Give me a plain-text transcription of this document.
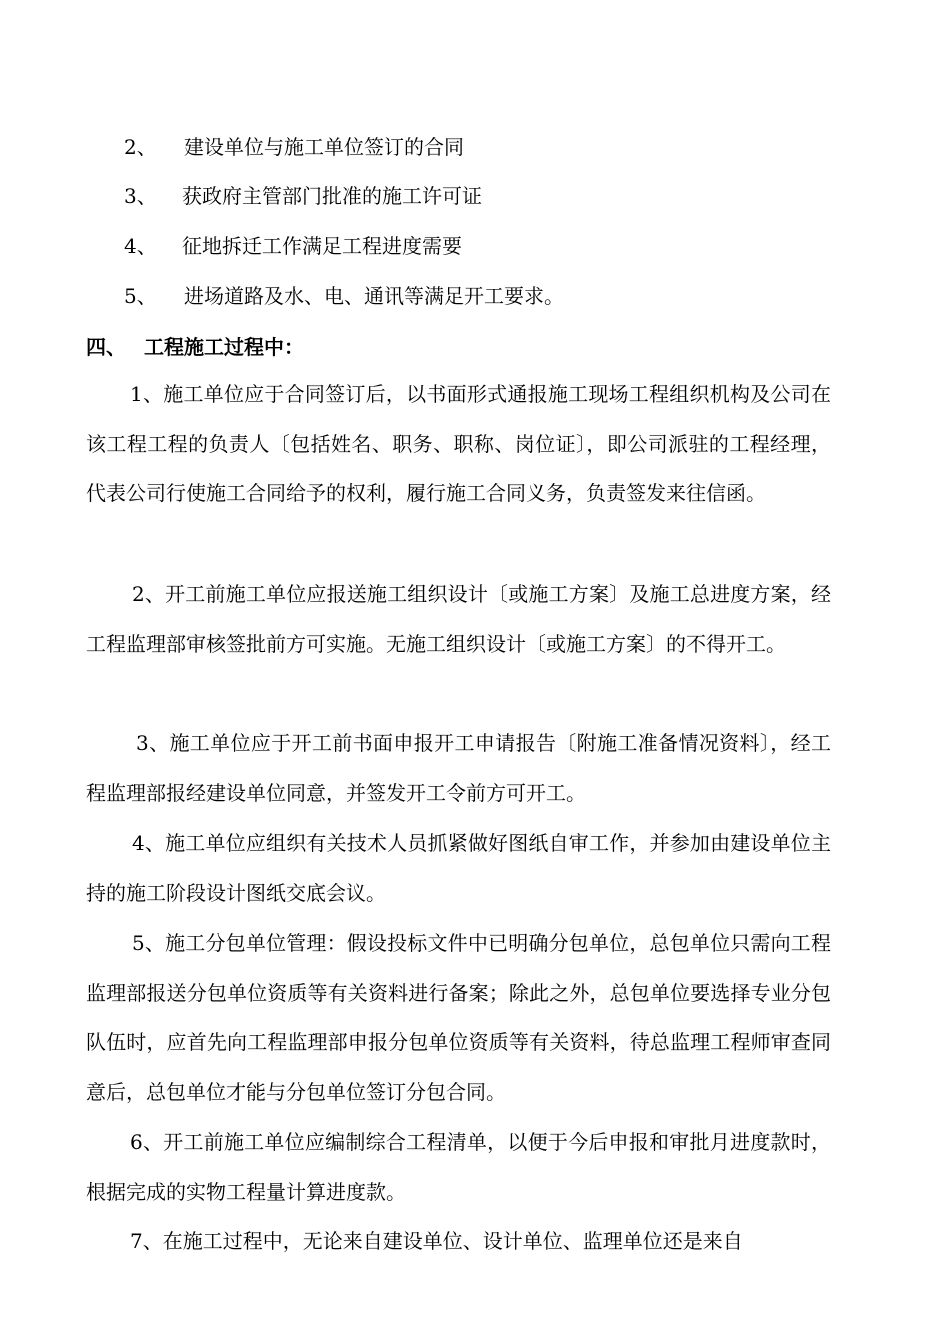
2、 建设单位与施工单位签订的合同
3、 获政府主管部门批准的施工许可证
4、 征地拆迁工作满足工程进度需要
5、 进场道路及水、电、通讯等满足开工要求。
四、 工程施工过程中：

1、施工单位应于合同签订后，以书面形式通报施工现场工程组织机构及公司在该工程工程的负责人〔包括姓名、职务、职称、岗位证〕，即公司派驻的工程经理，代表公司行使施工合同给予的权利，履行施工合同义务，负责签发来往信函。

2、开工前施工单位应报送施工组织设计〔或施工方案〕及施工总进度方案，经工程监理部审核签批前方可实施。无施工组织设计〔或施工方案〕的不得开工。

3、施工单位应于开工前书面申报开工申请报告〔附施工准备情况资料〕，经工程监理部报经建设单位同意，并签发开工令前方可开工。

4、施工单位应组织有关技术人员抓紧做好图纸自审工作，并参加由建设单位主持的施工阶段设计图纸交底会议。

5、施工分包单位管理：假设投标文件中已明确分包单位，总包单位只需向工程监理部报送分包单位资质等有关资料进行备案；除此之外，总包单位要选择专业分包队伍时，应首先向工程监理部申报分包单位资质等有关资料，待总监理工程师审查同意后，总包单位才能与分包单位签订分包合同。

6、开工前施工单位应编制综合工程清单，以便于今后申报和审批月进度款时，根据完成的实物工程量计算进度款。

7、在施工过程中，无论来自建设单位、设计单位、监理单位还是来自
